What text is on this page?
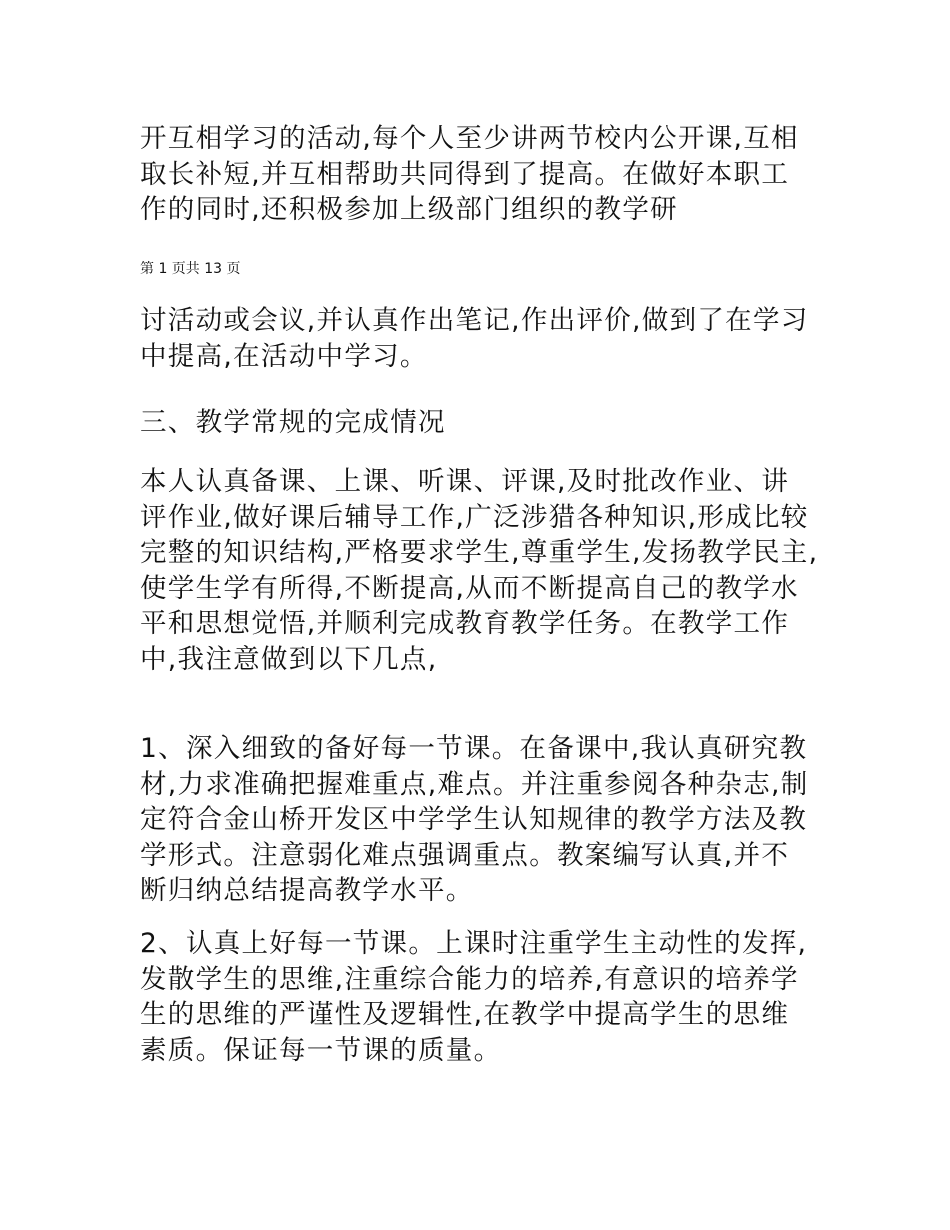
开互相学习的活动,每个人至少讲两节校内公开课,互相
取长补短,并互相帮助共同得到了提高。在做好本职工
作的同时,还积极参加上级部门组织的教学研

第 1 页共 13 页

讨活动或会议,并认真作出笔记,作出评价,做到了在学习
中提高,在活动中学习。

三、教学常规的完成情况

本人认真备课、上课、听课、评课,及时批改作业、讲
评作业,做好课后辅导工作,广泛涉猎各种知识,形成比较
完整的知识结构,严格要求学生,尊重学生,发扬教学民主,
使学生学有所得,不断提高,从而不断提高自己的教学水
平和思想觉悟,并顺利完成教育教学任务。在教学工作
中,我注意做到以下几点,

1、深入细致的备好每一节课。在备课中,我认真研究教
材,力求准确把握难重点,难点。并注重参阅各种杂志,制
定符合金山桥开发区中学学生认知规律的教学方法及教
学形式。注意弱化难点强调重点。教案编写认真,并不
断归纳总结提高教学水平。

2、认真上好每一节课。上课时注重学生主动性的发挥,
发散学生的思维,注重综合能力的培养,有意识的培养学
生的思维的严谨性及逻辑性,在教学中提高学生的思维
素质。保证每一节课的质量。
